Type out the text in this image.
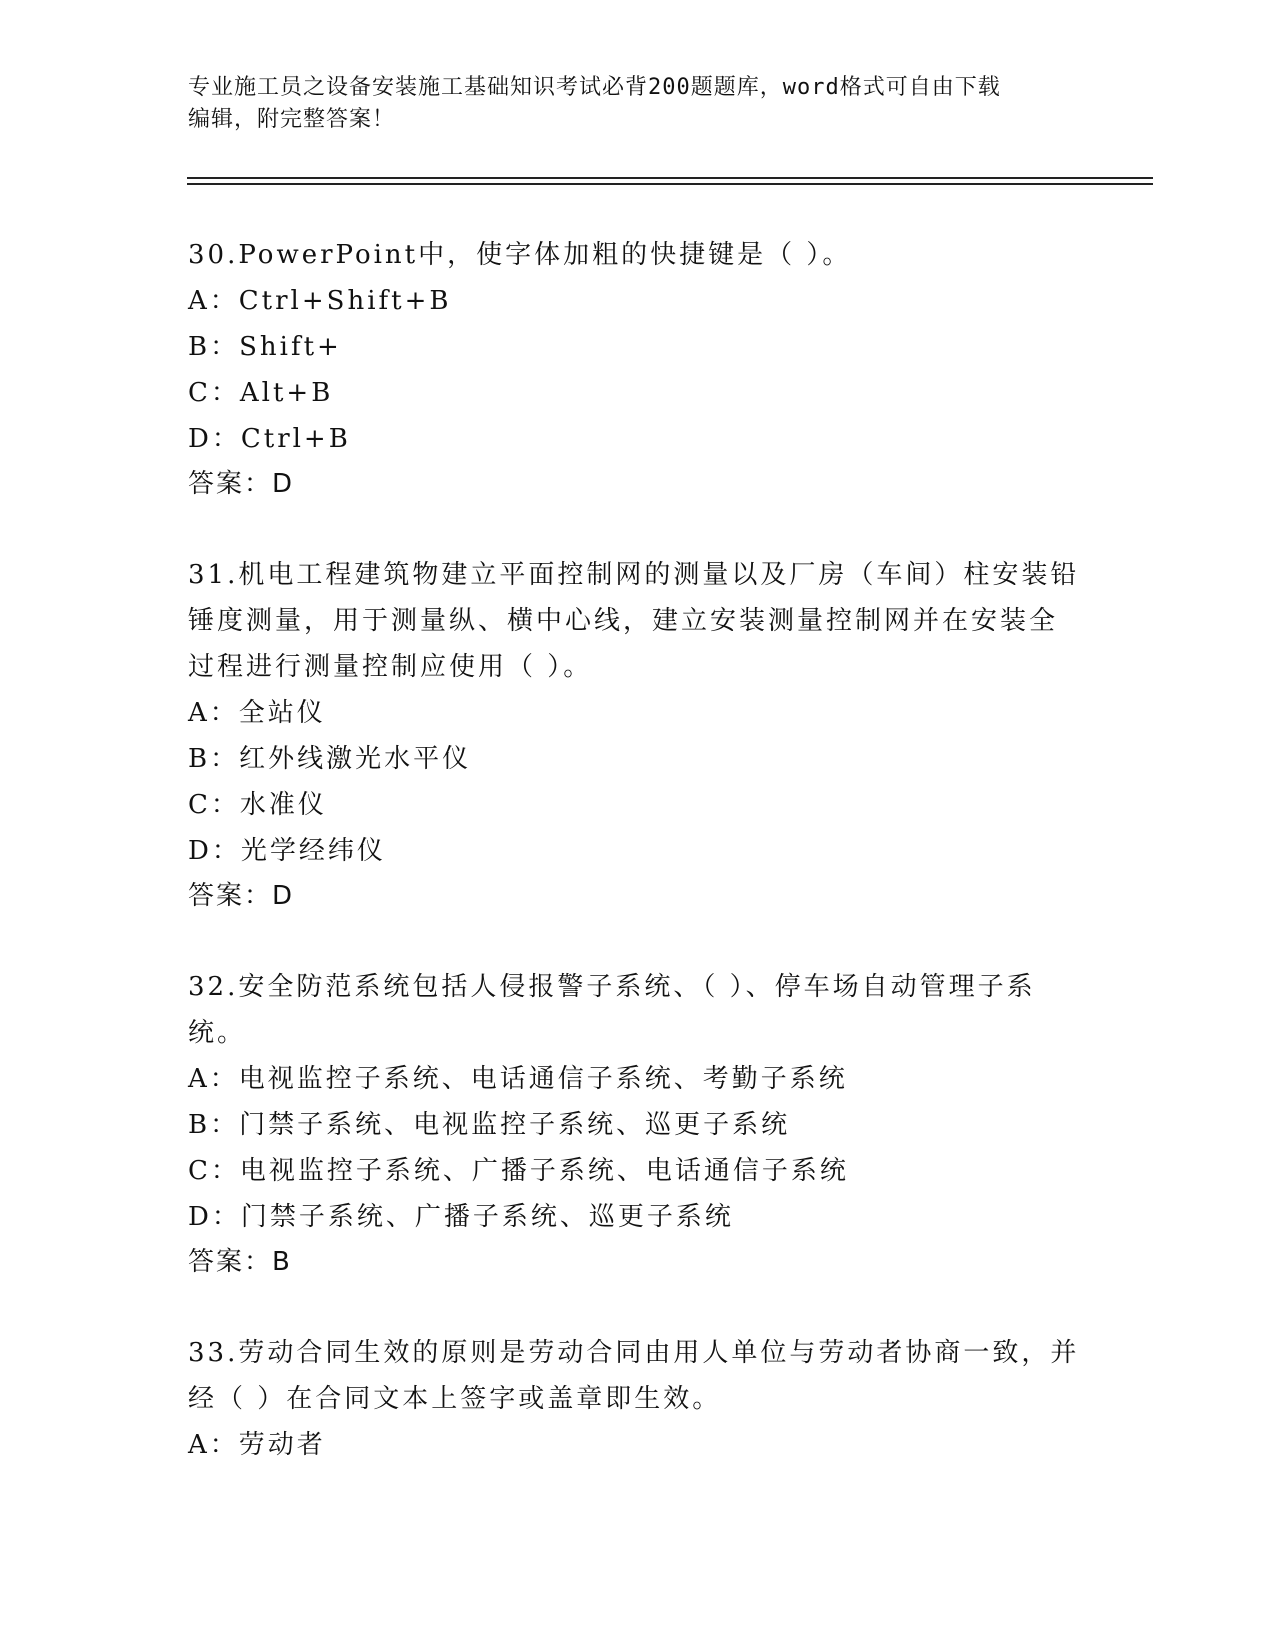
专业施工员之设备安装施工基础知识考试必背200题题库，word格式可自由下载
编辑，附完整答案！
30.PowerPoint中，使字体加粗的快捷键是（ ）。
A：Ctrl+Shift+B
B：Shift+
C：Alt+B
D：Ctrl+B
答案：D
31.机电工程建筑物建立平面控制网的测量以及厂房（车间）柱安装铅
锤度测量，用于测量纵、横中心线，建立安装测量控制网并在安装全
过程进行测量控制应使用（ ）。
A：全站仪
B：红外线激光水平仪
C：水准仪
D：光学经纬仪
答案：D
32.安全防范系统包括人侵报警子系统、（ ）、停车场自动管理子系
统。
A：电视监控子系统、电话通信子系统、考勤子系统
B：门禁子系统、电视监控子系统、巡更子系统
C：电视监控子系统、广播子系统、电话通信子系统
D：门禁子系统、广播子系统、巡更子系统
答案：B
33.劳动合同生效的原则是劳动合同由用人单位与劳动者协商一致，并
经（ ）在合同文本上签字或盖章即生效。
A：劳动者
